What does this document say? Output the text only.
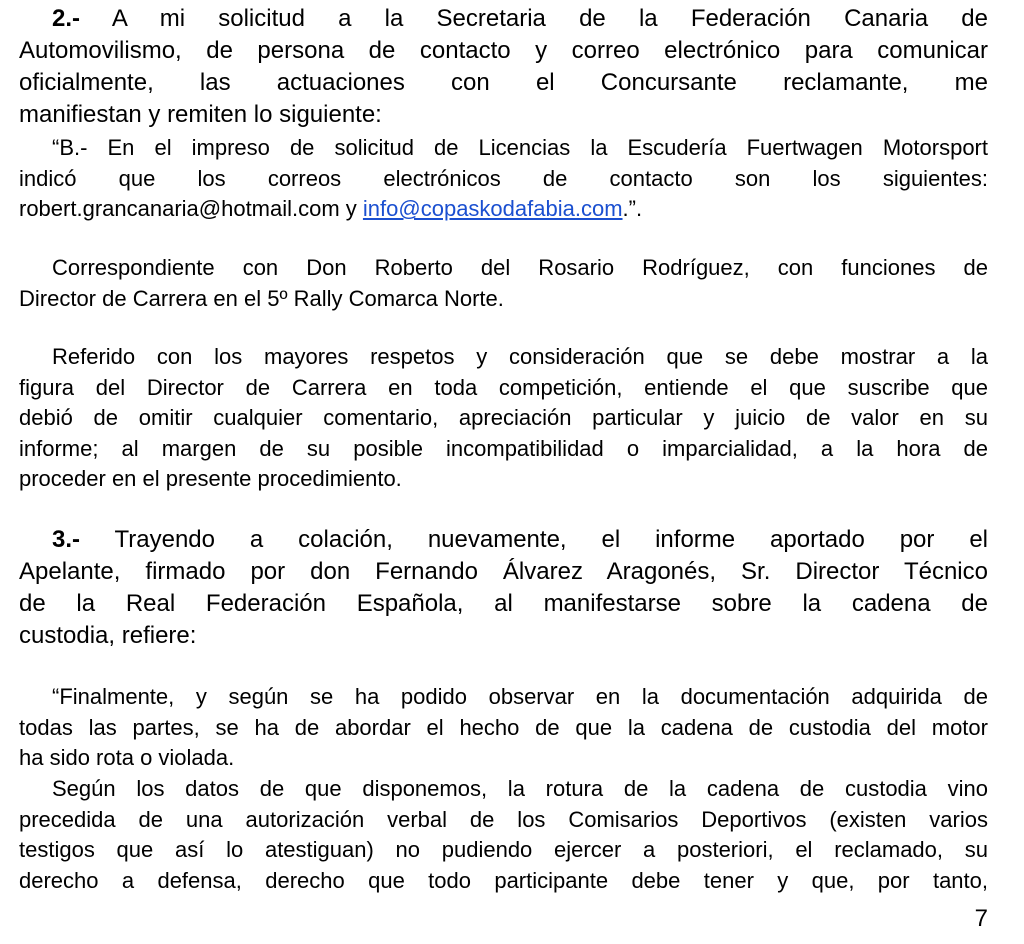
2.- A mi solicitud a la Secretaria de la Federación Canaria de
Automovilismo, de persona de contacto y correo electrónico para comunicar
oficialmente, las actuaciones con el Concursante reclamante, me
manifiestan y remiten lo siguiente:
“B.- En el impreso de solicitud de Licencias la Escudería Fuertwagen Motorsport
indicó que los correos electrónicos de contacto son los siguientes:
robert.grancanaria@hotmail.com y info@copaskodafabia.com.”.
Correspondiente con Don Roberto del Rosario Rodríguez, con funciones de
Director de Carrera en el 5º Rally Comarca Norte.
Referido con los mayores respetos y consideración que se debe mostrar a la
figura del Director de Carrera en toda competición, entiende el que suscribe que
debió de omitir cualquier comentario, apreciación particular y juicio de valor en su
informe; al margen de su posible incompatibilidad o imparcialidad, a la hora de
proceder en el presente procedimiento.
3.- Trayendo a colación, nuevamente, el informe aportado por el
Apelante, firmado por don Fernando Álvarez Aragonés, Sr. Director Técnico
de la Real Federación Española, al manifestarse sobre la cadena de
custodia, refiere:
“Finalmente, y según se ha podido observar en la documentación adquirida de
todas las partes, se ha de abordar el hecho de que la cadena de custodia del motor
ha sido rota o violada.
Según los datos de que disponemos, la rotura de la cadena de custodia vino
precedida de una autorización verbal de los Comisarios Deportivos (existen varios
testigos que así lo atestiguan) no pudiendo ejercer a posteriori, el reclamado, su
derecho a defensa, derecho que todo participante debe tener y que, por tanto,
7
